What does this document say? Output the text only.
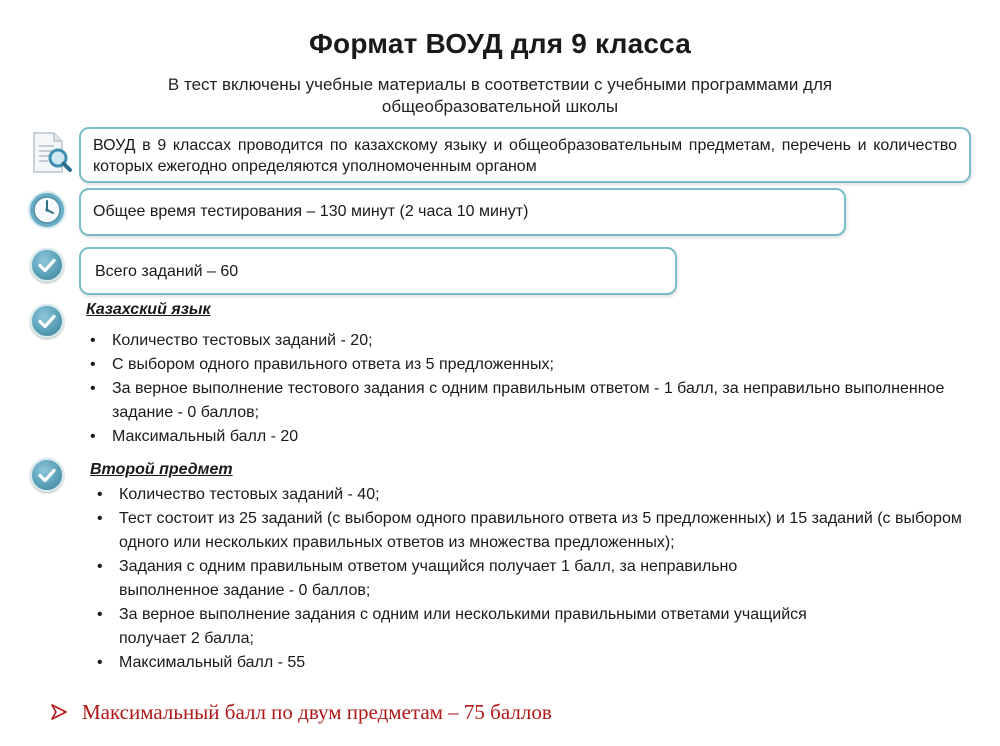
Формат ВОУД для 9 класса
В тест включены учебные материалы в соответствии с учебными программами для
общеобразовательной школы
ВОУД в 9 классах проводится по казахскому языку и общеобразовательным предметам, перечень и количество которых ежегодно определяются уполномоченным органом
Общее время тестирования – 130 минут (2 часа 10 минут)
Всего заданий – 60
Казахский язык
• Количество тестовых заданий - 20;
• С выбором одного правильного ответа из 5 предложенных;
• За верное выполнение тестового задания с одним правильным ответом - 1 балл, за неправильно выполненное задание - 0 баллов;
• Максимальный балл - 20
Второй предмет
• Количество тестовых заданий - 40;
• Тест состоит из 25 заданий (с выбором одного правильного ответа из 5 предложенных) и 15 заданий (с выбором одного или нескольких правильных ответов из множества предложенных);
• Задания с одним правильным ответом учащийся получает 1 балл, за неправильно выполненное задание - 0 баллов;
• За верное выполнение задания с одним или несколькими правильными ответами учащийся получает 2 балла;
• Максимальный балл - 55
Максимальный балл по двум предметам – 75 баллов
